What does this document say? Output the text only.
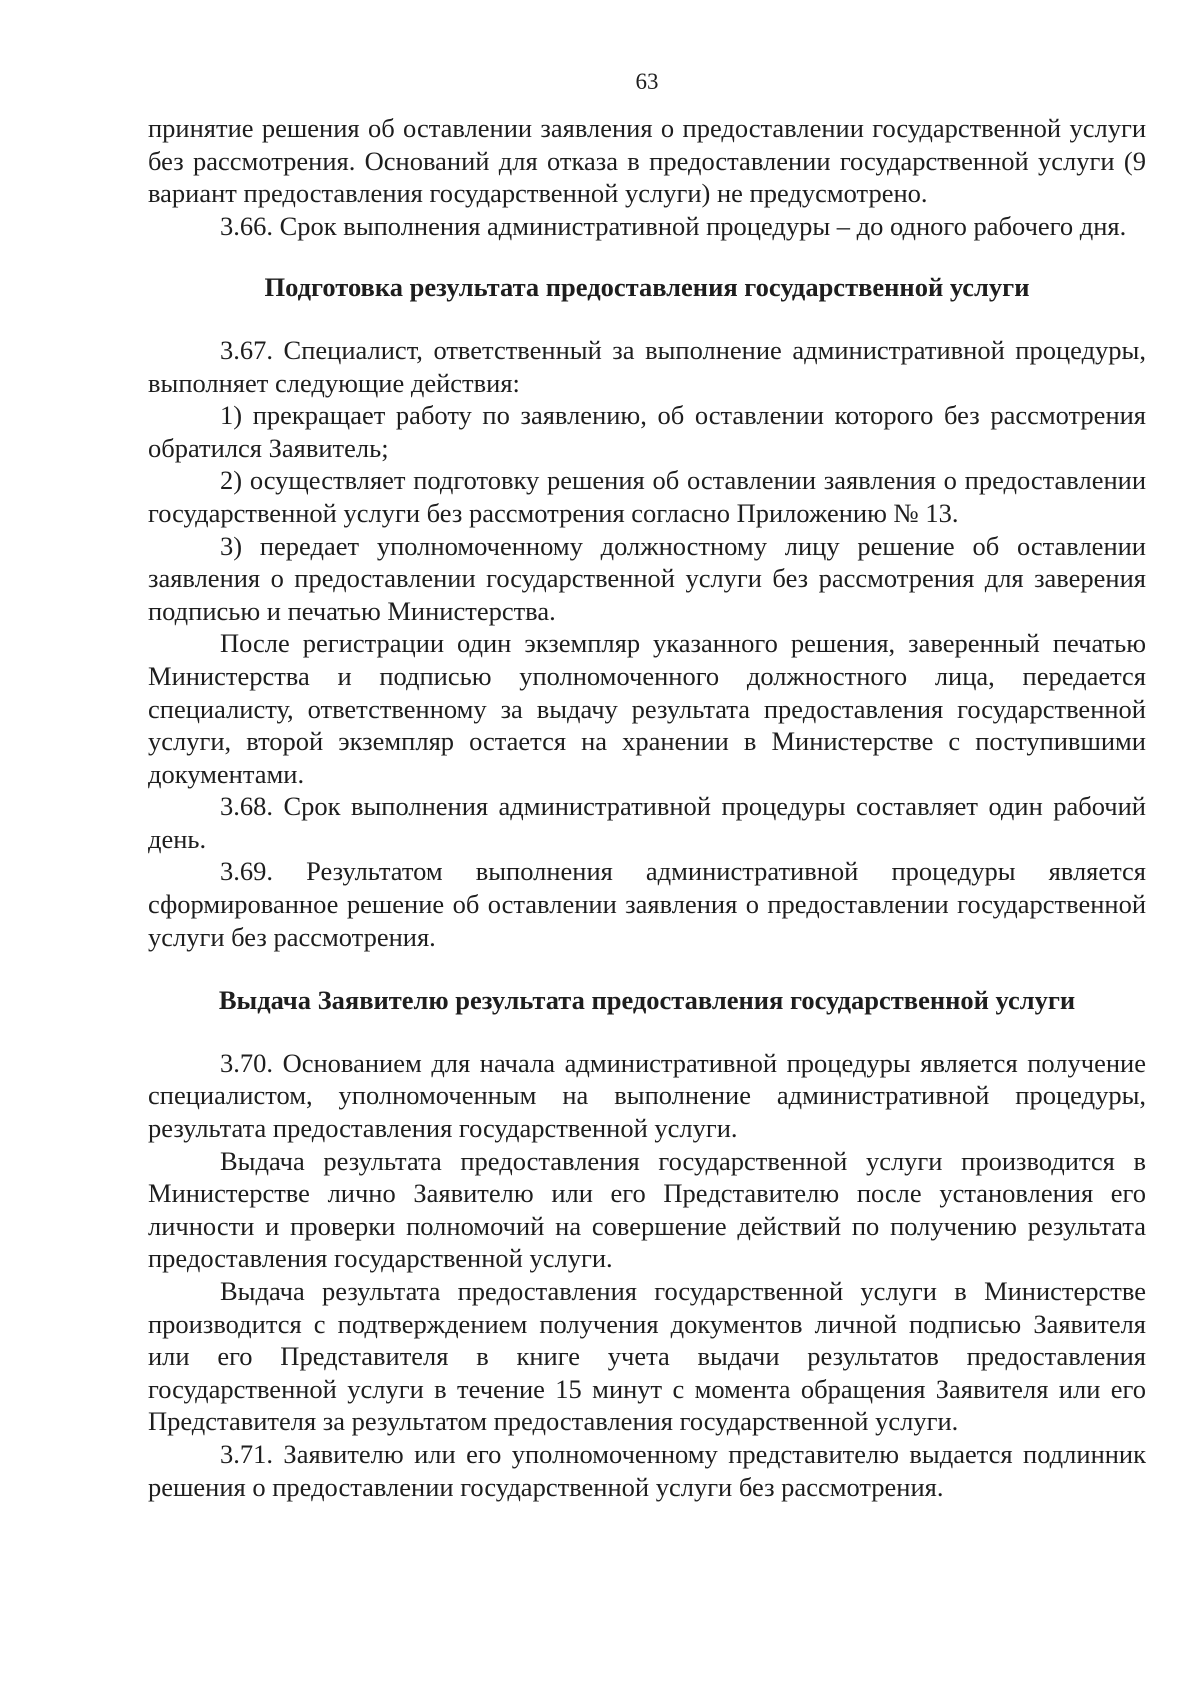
63

принятие решения об оставлении заявления о предоставлении государственной услуги без рассмотрения. Оснований для отказа в предоставлении государственной услуги (9 вариант предоставления государственной услуги) не предусмотрено.

3.66. Срок выполнения административной процедуры – до одного рабочего дня.

Подготовка результата предоставления государственной услуги

3.67. Специалист, ответственный за выполнение административной процедуры, выполняет следующие действия:

1) прекращает работу по заявлению, об оставлении которого без рассмотрения обратился Заявитель;

2) осуществляет подготовку решения об оставлении заявления о предоставлении государственной услуги без рассмотрения согласно Приложению № 13.

3) передает уполномоченному должностному лицу решение об оставлении заявления о предоставлении государственной услуги без рассмотрения для заверения подписью и печатью Министерства.

После регистрации один экземпляр указанного решения, заверенный печатью Министерства и подписью уполномоченного должностного лица, передается специалисту, ответственному за выдачу результата предоставления государственной услуги, второй экземпляр остается на хранении в Министерстве с поступившими документами.

3.68. Срок выполнения административной процедуры составляет один рабочий день.

3.69. Результатом выполнения административной процедуры является сформированное решение об оставлении заявления о предоставлении государственной услуги без рассмотрения.

Выдача Заявителю результата предоставления государственной услуги

3.70. Основанием для начала административной процедуры является получение специалистом, уполномоченным на выполнение административной процедуры, результата предоставления государственной услуги.

Выдача результата предоставления государственной услуги производится в Министерстве лично Заявителю или его Представителю после установления его личности и проверки полномочий на совершение действий по получению результата предоставления государственной услуги.

Выдача результата предоставления государственной услуги в Министерстве производится с подтверждением получения документов личной подписью Заявителя или его Представителя в книге учета выдачи результатов предоставления государственной услуги в течение 15 минут с момента обращения Заявителя или его Представителя за результатом предоставления государственной услуги.

3.71. Заявителю или его уполномоченному представителю выдается подлинник решения о предоставлении государственной услуги без рассмотрения.
